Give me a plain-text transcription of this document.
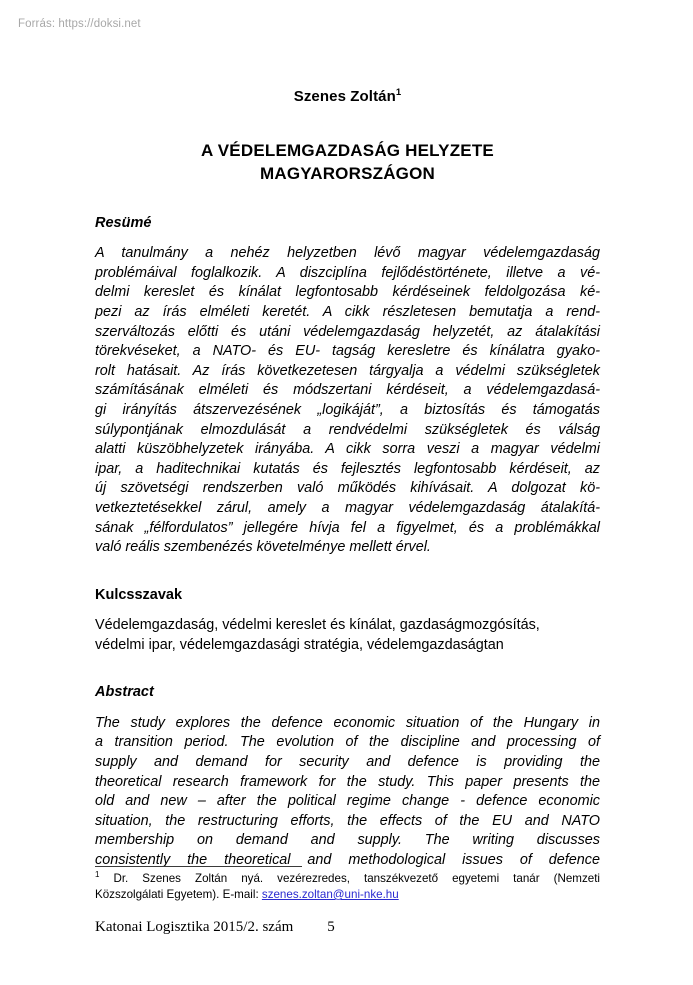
Forrás: https://doksi.net
Szenes Zoltán$^1$
A VÉDELEMGAZDASÁG HELYZETE
MAGYARORSZÁGON
Resümé
A tanulmány a nehéz helyzetben lévő magyar védelemgazdaság
problémáival foglalkozik. A diszciplína fejlődéstörténete, illetve a vé-
delmi kereslet és kínálat legfontosabb kérdéseinek feldolgozása ké-
pezi az írás elméleti keretét. A cikk részletesen bemutatja a rend-
szerváltozás előtti és utáni védelemgazdaság helyzetét, az átalakítási
törekvéseket, a NATO- és EU- tagság keresletre és kínálatra gyako-
rolt hatásait. Az írás következetesen tárgyalja a védelmi szükségletek
számításának elméleti és módszertani kérdéseit, a védelemgazdasá-
gi irányítás átszervezésének „logikáját”, a biztosítás és támogatás
súlypontjának elmozdulását a rendvédelmi szükségletek és válság
alatti küszöbhelyzetek irányába. A cikk sorra veszi a magyar védelmi
ipar, a haditechnikai kutatás és fejlesztés legfontosabb kérdéseit, az
új szövetségi rendszerben való működés kihívásait. A dolgozat kö-
vetkeztetésekkel zárul, amely a magyar védelemgazdaság átalakítá-
sának „félfordulatos” jellegére hívja fel a figyelmet, és a problémákkal
való reális szembenézés követelménye mellett érvel.
Kulcsszavak
Védelemgazdaság, védelmi kereslet és kínálat, gazdaságmozgósítás,
védelmi ipar, védelemgazdasági stratégia, védelemgazdaságtan
Abstract
The study explores the defence economic situation of the Hungary in
a transition period. The evolution of the discipline and processing of
supply and demand for security and defence is providing the
theoretical research framework for the study. This paper presents the
old and new – after the political regime change - defence economic
situation, the restructuring efforts, the effects of the EU and NATO
membership on demand and supply. The writing discusses
consistently the theoretical and methodological issues of defence
$^1$ Dr. Szenes Zoltán nyá. vezérezredes, tanszékvezető egyetemi tanár (Nemzeti
Közszolgálati Egyetem). E-mail: szenes.zoltan@uni-nke.hu
Katonai Logisztika 2015/2. szám 5
